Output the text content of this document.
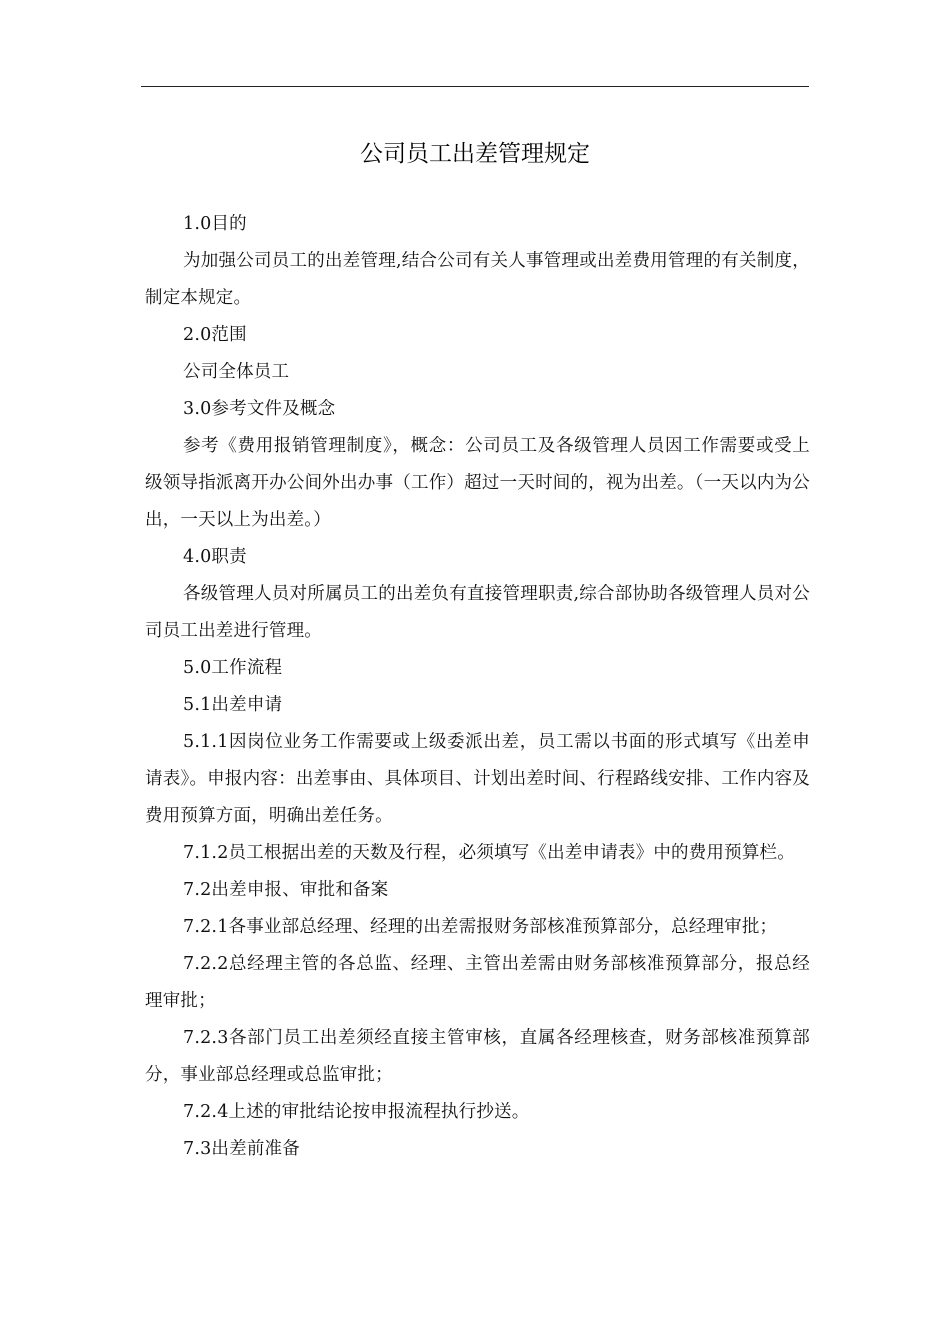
公司员工出差管理规定

1.0目的

为加强公司员工的出差管理,结合公司有关人事管理或出差费用管理的有关制度，制定本规定。

2.0范围

公司全体员工

3.0参考文件及概念

参考《费用报销管理制度》，概念：公司员工及各级管理人员因工作需要或受上级领导指派离开办公间外出办事（工作）超过一天时间的，视为出差。（一天以内为公出，一天以上为出差。）

4.0职责

各级管理人员对所属员工的出差负有直接管理职责,综合部协助各级管理人员对公司员工出差进行管理。

5.0工作流程

5.1出差申请

5.1.1因岗位业务工作需要或上级委派出差，员工需以书面的形式填写《出差申请表》。申报内容：出差事由、具体项目、计划出差时间、行程路线安排、工作内容及费用预算方面，明确出差任务。

7.1.2员工根据出差的天数及行程，必须填写《出差申请表》中的费用预算栏。

7.2出差申报、审批和备案

7.2.1各事业部总经理、经理的出差需报财务部核准预算部分，总经理审批；

7.2.2总经理主管的各总监、经理、主管出差需由财务部核准预算部分，报总经理审批；

7.2.3各部门员工出差须经直接主管审核，直属各经理核查，财务部核准预算部分，事业部总经理或总监审批；

7.2.4上述的审批结论按申报流程执行抄送。

7.3出差前准备
